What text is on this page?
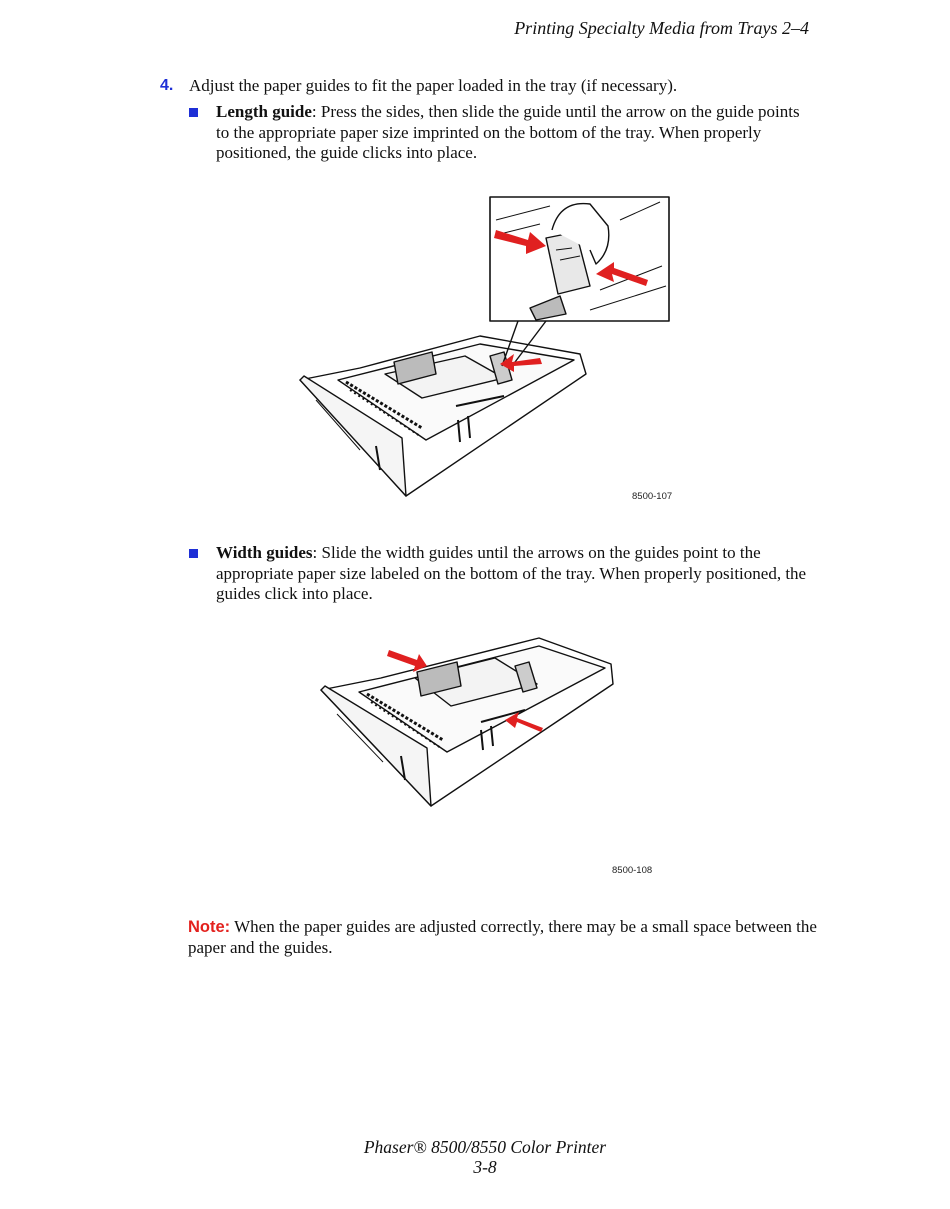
Printing Specialty Media from Trays 2–4
4. Adjust the paper guides to fit the paper loaded in the tray (if necessary).
Length guide: Press the sides, then slide the guide until the arrow on the guide points to the appropriate paper size imprinted on the bottom of the tray. When properly positioned, the guide clicks into place.
8500-107
Width guides: Slide the width guides until the arrows on the guides point to the appropriate paper size labeled on the bottom of the tray. When properly positioned, the guides click into place.
8500-108
Note: When the paper guides are adjusted correctly, there may be a small space between the paper and the guides.
Phaser® 8500/8550 Color Printer
3-8
